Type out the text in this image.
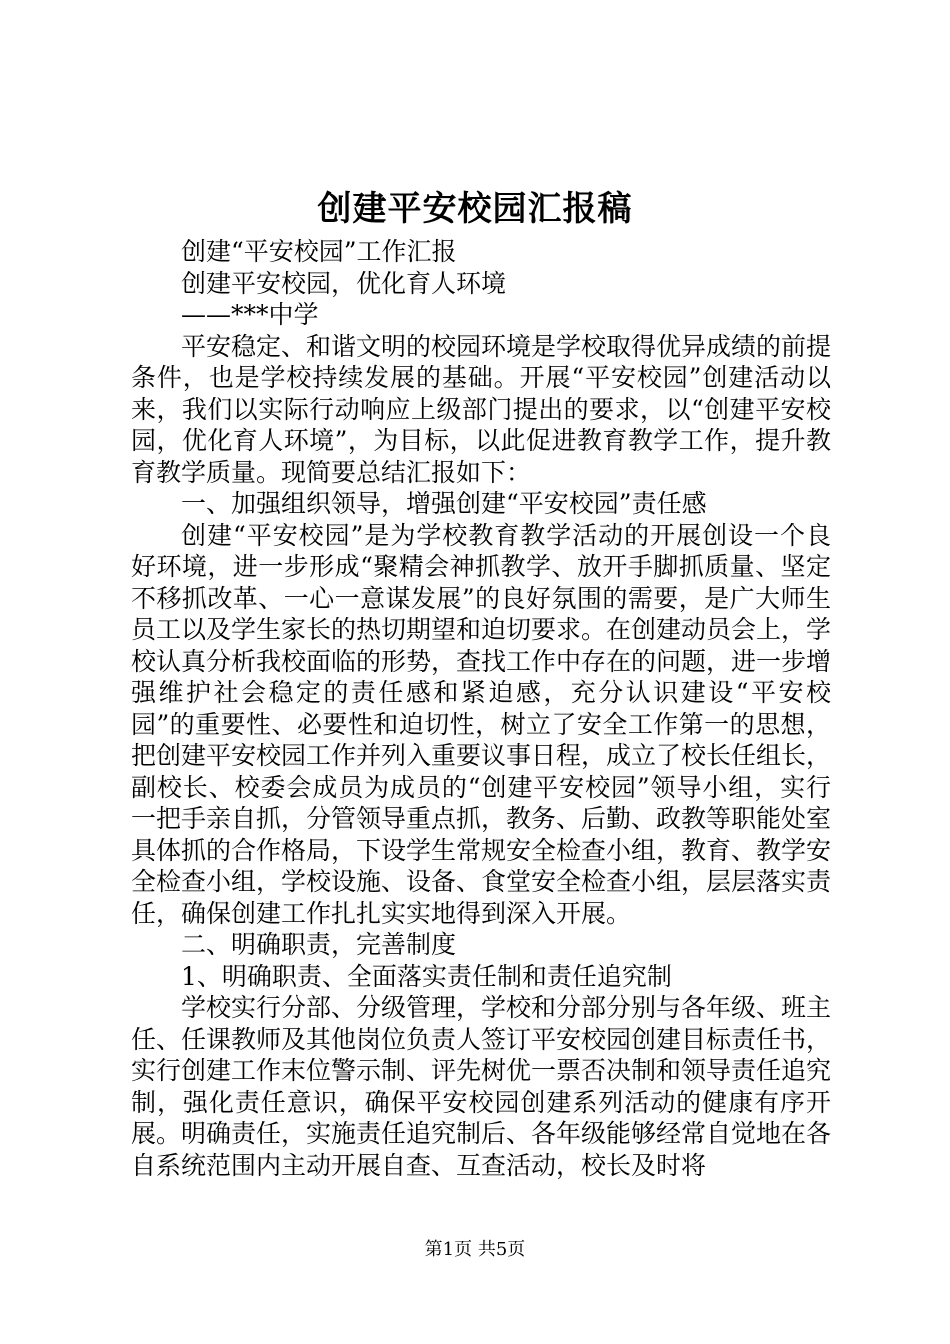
创建平安校园汇报稿

创建“平安校园”工作汇报

创建平安校园，优化育人环境

——***中学

平安稳定、和谐文明的校园环境是学校取得优异成绩的前提条件，也是学校持续发展的基础。开展“平安校园”创建活动以来，我们以实际行动响应上级部门提出的要求，以“创建平安校园，优化育人环境”，为目标，以此促进教育教学工作，提升教育教学质量。现简要总结汇报如下：

一、加强组织领导，增强创建“平安校园”责任感

创建“平安校园”是为学校教育教学活动的开展创设一个良好环境，进一步形成“聚精会神抓教学、放开手脚抓质量、坚定不移抓改革、一心一意谋发展”的良好氛围的需要，是广大师生员工以及学生家长的热切期望和迫切要求。在创建动员会上，学校认真分析我校面临的形势，查找工作中存在的问题，进一步增强维护社会稳定的责任感和紧迫感，充分认识建设“平安校园”的重要性、必要性和迫切性，树立了安全工作第一的思想，把创建平安校园工作并列入重要议事日程，成立了校长任组长，副校长、校委会成员为成员的“创建平安校园”领导小组，实行一把手亲自抓，分管领导重点抓，教务、后勤、政教等职能处室具体抓的合作格局，下设学生常规安全检查小组，教育、教学安全检查小组，学校设施、设备、食堂安全检查小组，层层落实责任，确保创建工作扎扎实实地得到深入开展。

二、明确职责，完善制度

1、明确职责、全面落实责任制和责任追究制

学校实行分部、分级管理，学校和分部分别与各年级、班主任、任课教师及其他岗位负责人签订平安校园创建目标责任书，实行创建工作末位警示制、评先树优一票否决制和领导责任追究制，强化责任意识，确保平安校园创建系列活动的健康有序开展。明确责任，实施责任追究制后、各年级能够经常自觉地在各自系统范围内主动开展自查、互查活动，校长及时将

第1页 共5页
